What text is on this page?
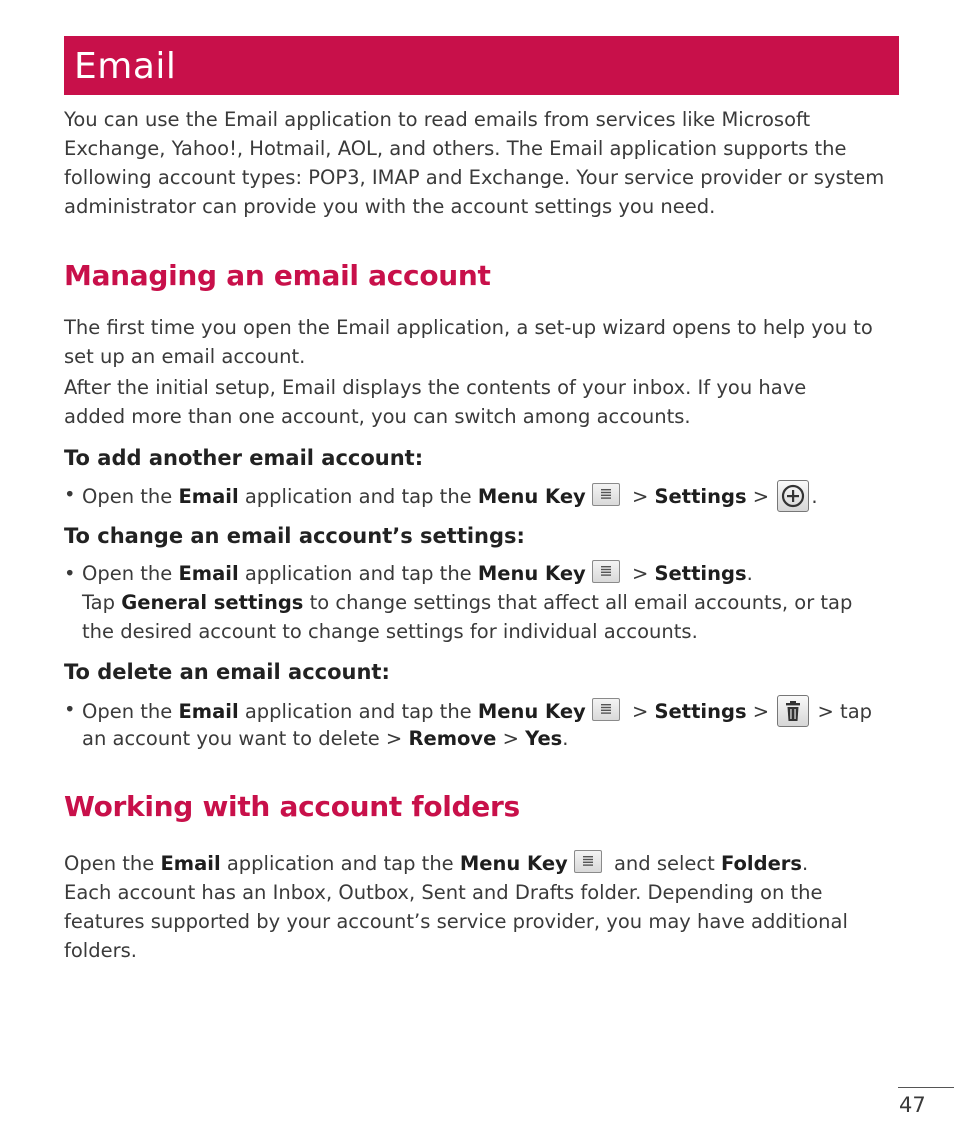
Email

You can use the Email application to read emails from services like Microsoft Exchange, Yahoo!, Hotmail, AOL, and others. The Email application supports the following account types: POP3, IMAP and Exchange. Your service provider or system administrator can provide you with the account settings you need.

Managing an email account

The first time you open the Email application, a set-up wizard opens to help you to set up an email account.

After the initial setup, Email displays the contents of your inbox. If you have added more than one account, you can switch among accounts.

To add another email account:
• Open the Email application and tap the Menu Key
> Settings >
.
To change an email account’s settings:
• Open the Email application and tap the Menu Key
> Settings.
Tap General settings to change settings that affect all email accounts, or tap
the desired account to change settings for individual accounts.
To delete an email account:
• Open the Email application and tap the Menu Key
> Settings >
> tap
an account you want to delete > Remove > Yes.
Working with account folders
Open the Email application and tap the Menu Key
and select Folders.

Each account has an Inbox, Outbox, Sent and Drafts folder. Depending on the features supported by your account’s service provider, you may have additional folders.

47
